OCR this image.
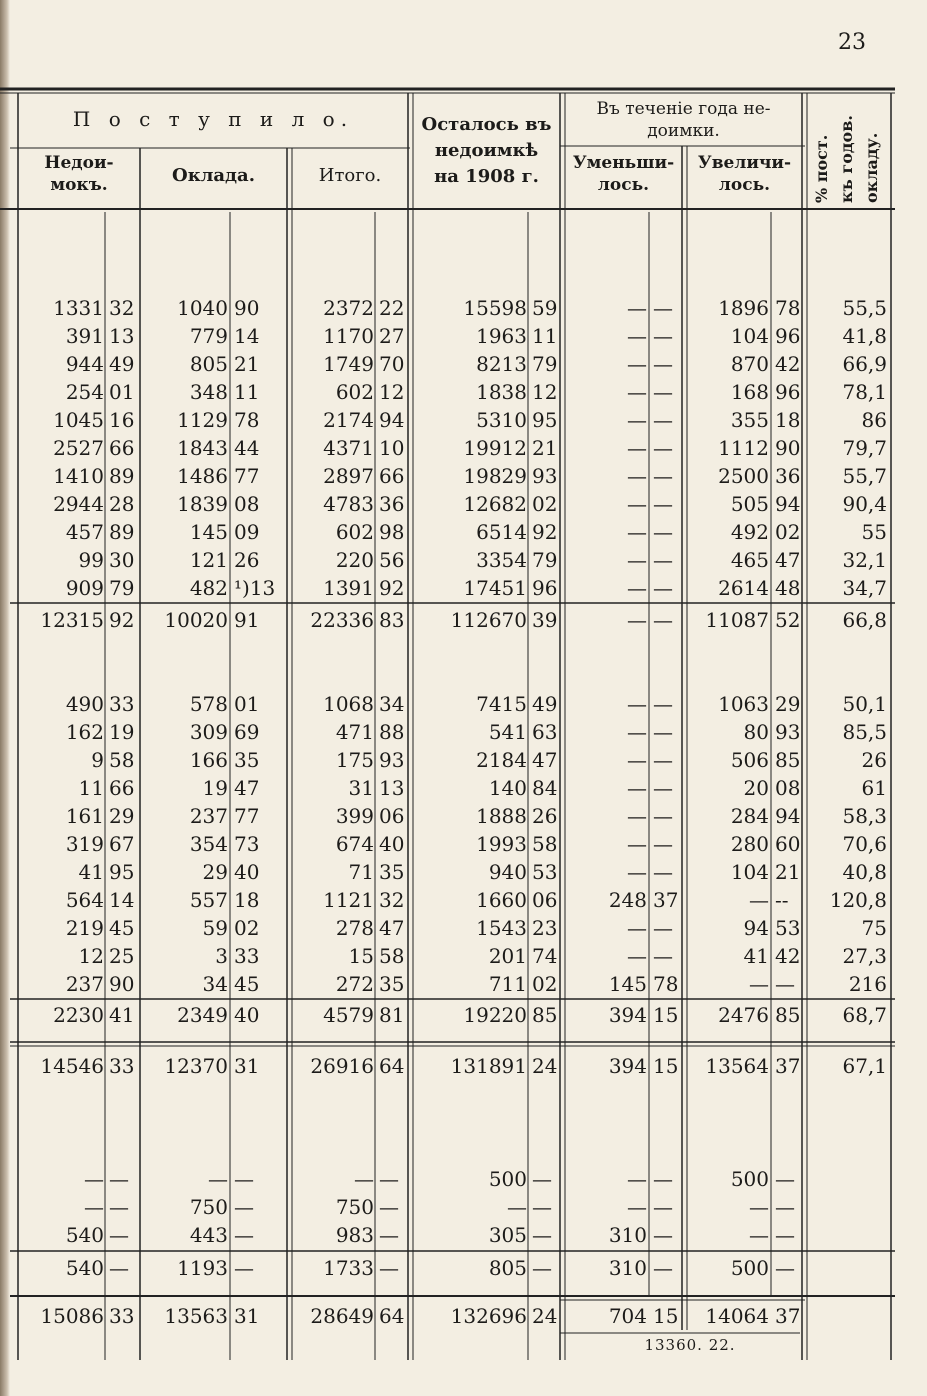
23
П о с т у п и л о.
Недои-
мокъ.	Оклада.	Итого.
Осталось въ
недоимкѣ
на 1908 г.
Въ теченіе года не-
доимки.
Уменьши-
лось.
Увеличи-
лось.
% пост.
къ годов.
окладу.
1331 32	1040 90	2372 22	15598 59	— —	1896 78	55,5
391 13	779 14	1170 27	1963 11	— —	104 96	41,8
944 49	805 21	1749 70	8213 79	— —	870 42	66,9
254 01	348 11	602 12	1838 12	— —	168 96	78,1
1045 16	1129 78	2174 94	5310 95	— —	355 18	86
2527 66	1843 44	4371 10	19912 21	— —	1112 90	79,7
1410 89	1486 77	2897 66	19829 93	— —	2500 36	55,7
2944 28	1839 08	4783 36	12682 02	— —	505 94	90,4
457 89	145 09	602 98	6514 92	— —	492 02	55
99 30	121 26	220 56	3354 79	— —	465 47	32,1
909 79	482 ¹)13	1391 92	17451 96	— —	2614 48	34,7
12315 92	10020 91	22336 83	112670 39	— —	11087 52	66,8
490 33	578 01	1068 34	7415 49	— —	1063 29	50,1
162 19	309 69	471 88	541 63	— —	80 93	85,5
9 58	166 35	175 93	2184 47	— —	506 85	26
11 66	19 47	31 13	140 84	— —	20 08	61
161 29	237 77	399 06	1888 26	— —	284 94	58,3
319 67	354 73	674 40	1993 58	— —	280 60	70,6
41 95	29 40	71 35	940 53	— —	104 21	40,8
564 14	557 18	1121 32	1660 06	248 37	— --	120,8
219 45	59 02	278 47	1543 23	— —	94 53	75
12 25	3 33	15 58	201 74	— —	41 42	27,3
237 90	34 45	272 35	711 02	145 78	— —	216
2230 41	2349 40	4579 81	19220 85	394 15	2476 85	68,7
14546 33	12370 31	26916 64	131891 24	394 15	13564 37	67,1
— —	— —	— —	500 —	— —	500 —
— —	750 —	750 —	— —	— —	— —
540 —	443 —	983 —	305 —	310 —	— —
540 —	1193 —	1733 —	805 —	310 —	500 —
15086 33	13563 31	28649 64	132696 24	704 15	14064 37
13360. 22.
